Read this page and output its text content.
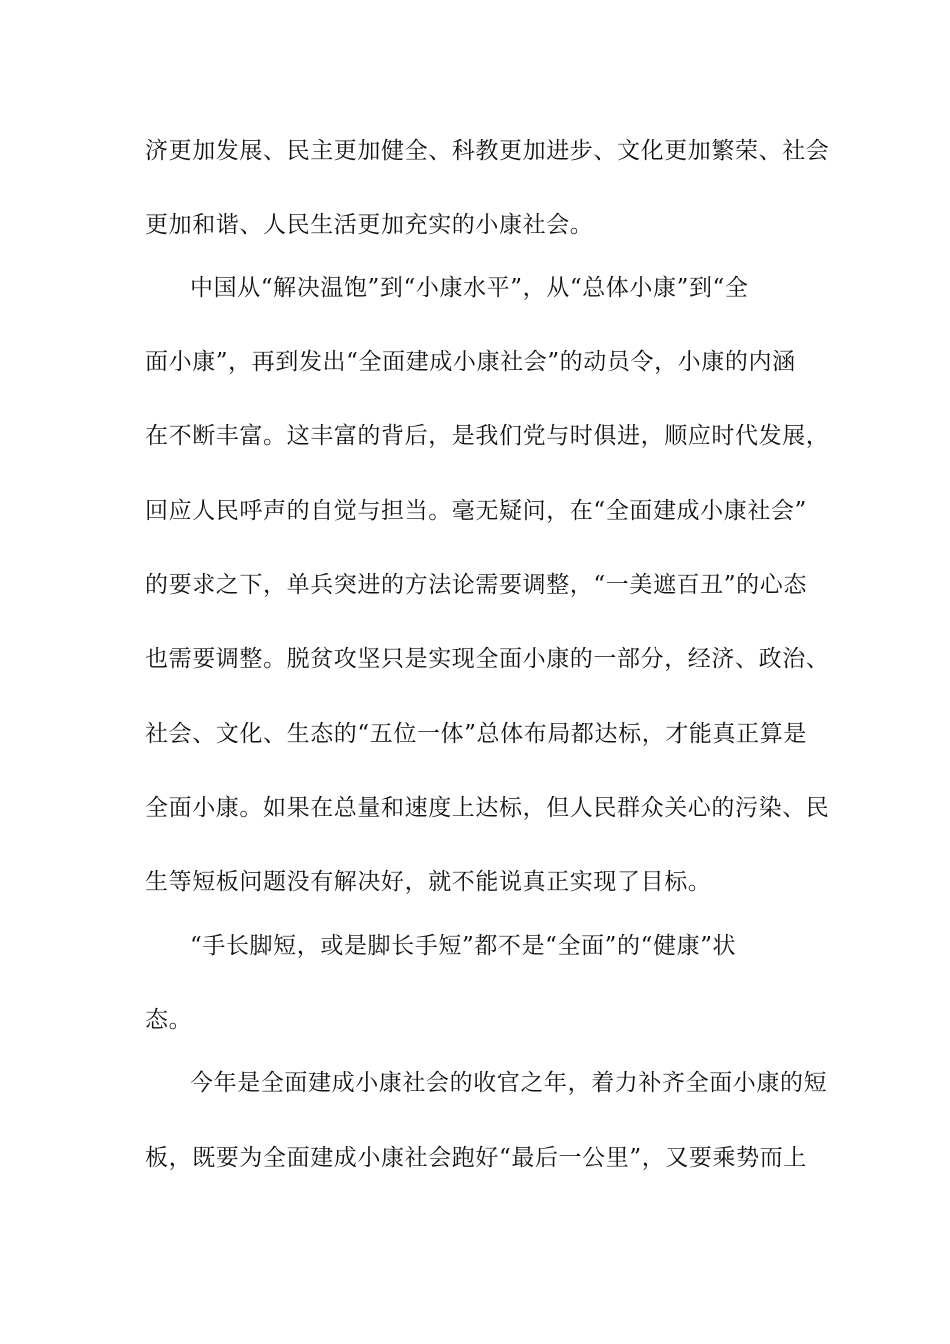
济更加发展、民主更加健全、科教更加进步、文化更加繁荣、社会
更加和谐、人民生活更加充实的小康社会。
中国从“解决温饱”到“小康水平”，从“总体小康”到“全
面小康”，再到发出“全面建成小康社会”的动员令，小康的内涵
在不断丰富。这丰富的背后，是我们党与时俱进，顺应时代发展，
回应人民呼声的自觉与担当。毫无疑问，在“全面建成小康社会”
的要求之下，单兵突进的方法论需要调整，“一美遮百丑”的心态
也需要调整。脱贫攻坚只是实现全面小康的一部分，经济、政治、
社会、文化、生态的“五位一体”总体布局都达标，才能真正算是
全面小康。如果在总量和速度上达标，但人民群众关心的污染、民
生等短板问题没有解决好，就不能说真正实现了目标。
“手长脚短，或是脚长手短”都不是“全面”的“健康”状
态。
今年是全面建成小康社会的收官之年，着力补齐全面小康的短
板，既要为全面建成小康社会跑好“最后一公里”，又要乘势而上
